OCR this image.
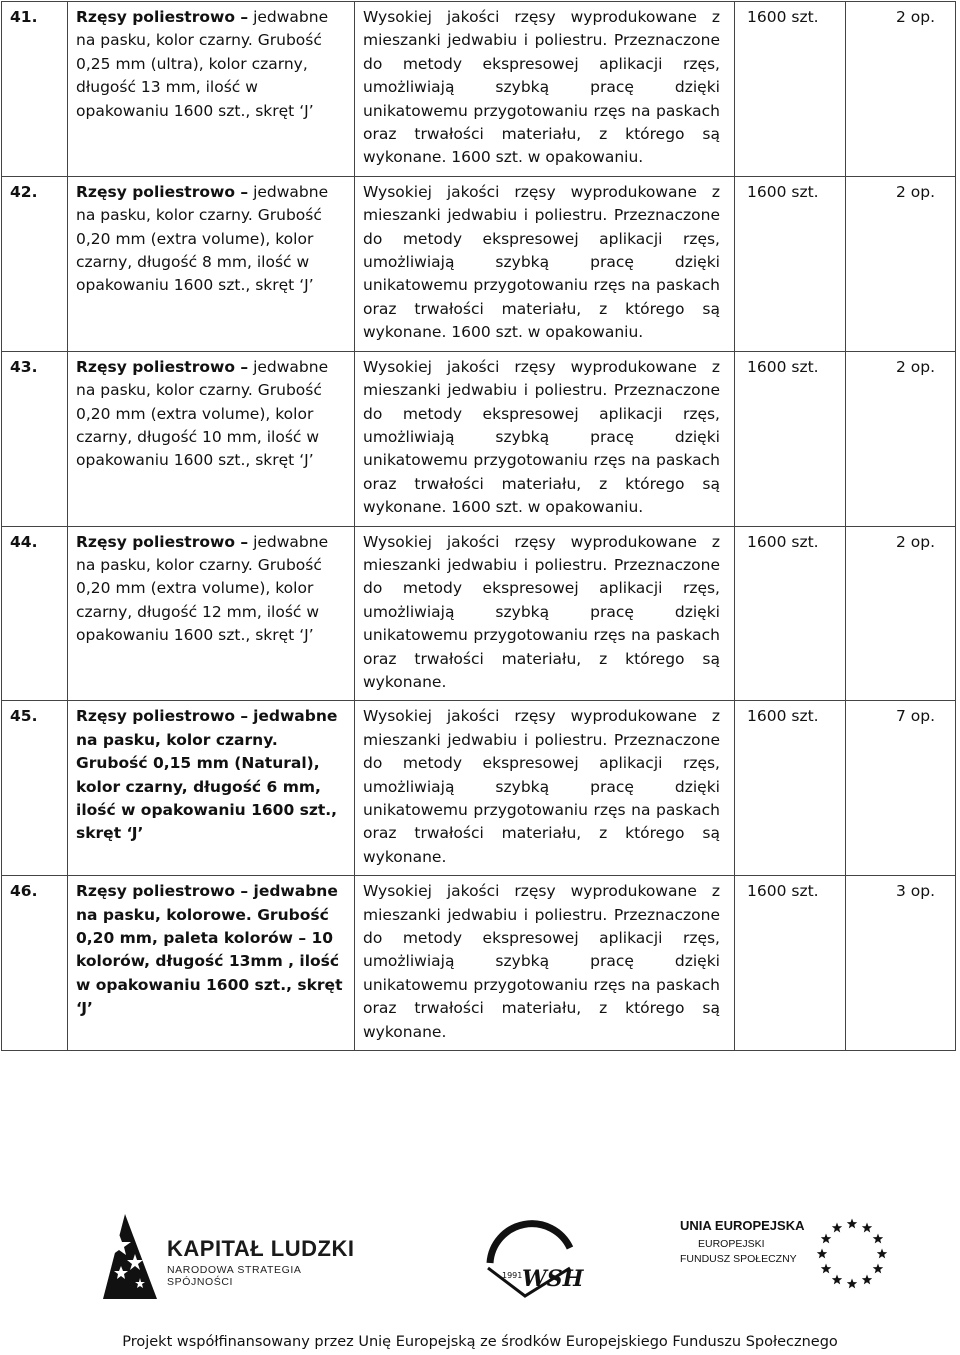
41.	Rzęsy poliestrowo – jedwabne na pasku, kolor czarny. Grubość 0,25 mm (ultra), kolor czarny, długość 13 mm, ilość w opakowaniu 1600 szt., skręt ‘J’	Wysokiej jakości rzęsy wyprodukowane z mieszanki jedwabiu i poliestru. Przeznaczone do metody ekspresowej aplikacji rzęs, umożliwiają szybką pracę dzięki unikatowemu przygotowaniu rzęs na paskach oraz trwałości materiału, z którego są wykonane. 1600 szt. w opakowaniu.	1600 szt.	2 op.
42.	Rzęsy poliestrowo – jedwabne na pasku, kolor czarny. Grubość 0,20 mm (extra volume), kolor czarny, długość 8 mm, ilość w opakowaniu 1600 szt., skręt ‘J’	Wysokiej jakości rzęsy wyprodukowane z mieszanki jedwabiu i poliestru. Przeznaczone do metody ekspresowej aplikacji rzęs, umożliwiają szybką pracę dzięki unikatowemu przygotowaniu rzęs na paskach oraz trwałości materiału, z którego są wykonane. 1600 szt. w opakowaniu.	1600 szt.	2 op.
43.	Rzęsy poliestrowo – jedwabne na pasku, kolor czarny. Grubość 0,20 mm (extra volume), kolor czarny, długość 10 mm, ilość w opakowaniu 1600 szt., skręt ‘J’	Wysokiej jakości rzęsy wyprodukowane z mieszanki jedwabiu i poliestru. Przeznaczone do metody ekspresowej aplikacji rzęs, umożliwiają szybką pracę dzięki unikatowemu przygotowaniu rzęs na paskach oraz trwałości materiału, z którego są wykonane. 1600 szt. w opakowaniu.	1600 szt.	2 op.
44.	Rzęsy poliestrowo – jedwabne na pasku, kolor czarny. Grubość 0,20 mm (extra volume), kolor czarny, długość 12 mm, ilość w opakowaniu 1600 szt., skręt ‘J’	Wysokiej jakości rzęsy wyprodukowane z mieszanki jedwabiu i poliestru. Przeznaczone do metody ekspresowej aplikacji rzęs, umożliwiają szybką pracę dzięki unikatowemu przygotowaniu rzęs na paskach oraz trwałości materiału, z którego są wykonane.	1600 szt.	2 op.
45.	Rzęsy poliestrowo – jedwabne na pasku, kolor czarny. Grubość 0,15 mm (Natural), kolor czarny, długość 6 mm, ilość w opakowaniu 1600 szt., skręt ‘J’	Wysokiej jakości rzęsy wyprodukowane z mieszanki jedwabiu i poliestru. Przeznaczone do metody ekspresowej aplikacji rzęs, umożliwiają szybką pracę dzięki unikatowemu przygotowaniu rzęs na paskach oraz trwałości materiału, z którego są wykonane.	1600 szt.	7 op.
46.	Rzęsy poliestrowo – jedwabne na pasku, kolorowe. Grubość 0,20 mm, paleta kolorów – 10 kolorów, długość 13mm , ilość w opakowaniu 1600 szt., skręt ‘J’	Wysokiej jakości rzęsy wyprodukowane z mieszanki jedwabiu i poliestru. Przeznaczone do metody ekspresowej aplikacji rzęs, umożliwiają szybką pracę dzięki unikatowemu przygotowaniu rzęs na paskach oraz trwałości materiału, z którego są wykonane.	1600 szt.	3 op.
KAPITAŁ LUDZKI
NARODOWA STRATEGIA SPÓJNOŚCI
1991 WSH
UNIA EUROPEJSKA
EUROPEJSKI
FUNDUSZ SPOŁECZNY
Projekt współfinansowany przez Unię Europejską ze środków Europejskiego Funduszu Społecznego
